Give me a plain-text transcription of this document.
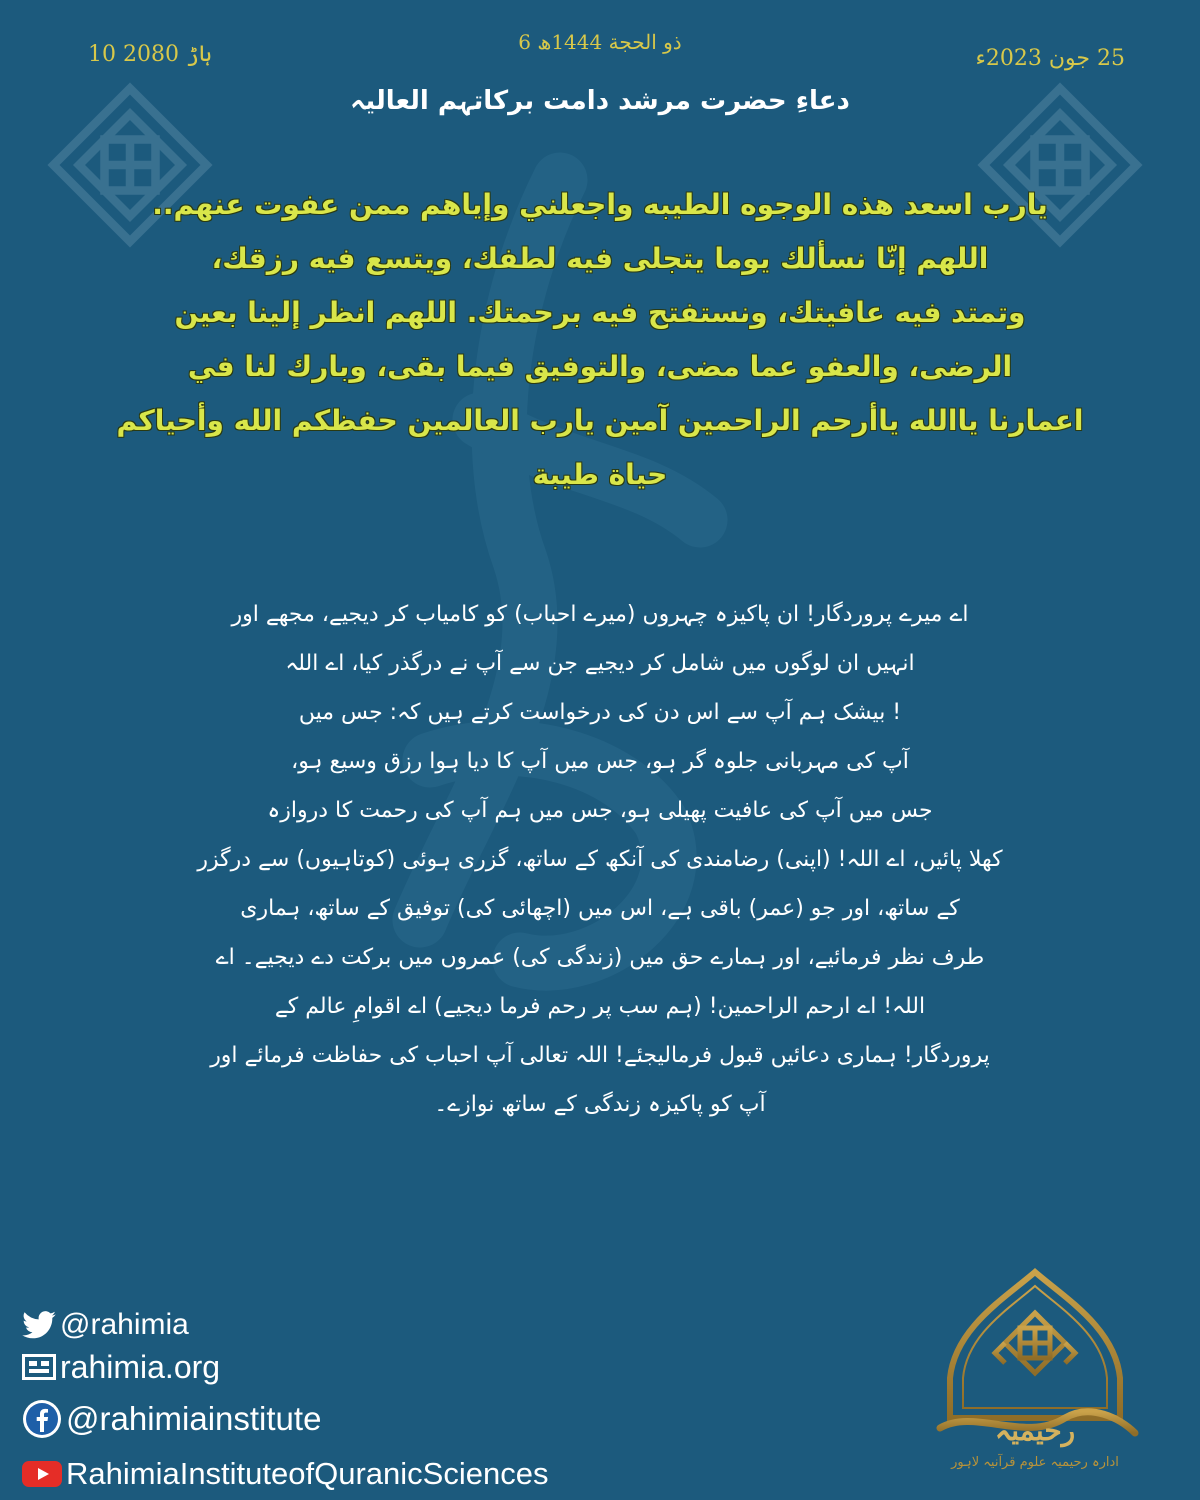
10 ہاڑ 2080	6 ذو الحجة 1444ھ
25 جون 2023ء
دعاءِ حضرت مرشد دامت برکاتہم العالیہ
يارب اسعد هذه الوجوه الطيبه واجعلني وإياهم ممن عفوت عنهم..
اللهم إنّا نسألك يوما يتجلى فيه لطفك، ويتسع فيه رزقك،
وتمتد فيه عافيتك، ونستفتح فيه برحمتك. اللهم انظر إلينا بعين
الرضى، والعفو عما مضى، والتوفيق فيما بقى، وبارك لنا في
اعمارنا ياالله ياأرحم الراحمين آمين يارب العالمين حفظكم الله وأحياكم
حياة طيبة
اے میرے پروردگار! ان پاکیزہ چہروں (میرے احباب) کو کامیاب کر دیجیے، مجھے اور
انہیں ان لوگوں میں شامل کر دیجیے جن سے آپ نے درگذر کیا، اے اللہ
! بیشک ہم آپ سے اس دن کی درخواست کرتے ہیں کہ: جس میں
آپ کی مہربانی جلوہ گر ہو، جس میں آپ کا دیا ہوا رزق وسیع ہو،
جس میں آپ کی عافیت پھیلی ہو، جس میں ہم آپ کی رحمت کا دروازہ
کھلا پائیں، اے اللہ! (اپنی) رضامندی کی آنکھ کے ساتھ، گزری ہوئی (کوتاہیوں) سے درگزر
کے ساتھ، اور جو (عمر) باقی ہے، اس میں (اچھائی کی) توفیق کے ساتھ، ہماری
طرف نظر فرمائیے، اور ہمارے حق میں (زندگی کی) عمروں میں برکت دے دیجیے۔ اے
اللہ! اے ارحم الراحمین! (ہم سب پر رحم فرما دیجیے) اے اقوامِ عالم کے
پروردگار! ہماری دعائیں قبول فرمالیجئے! اللہ تعالی آپ احباب کی حفاظت فرمائے اور
آپ کو پاکیزہ زندگی کے ساتھ نوازے۔
@rahimia
rahimia.org
@rahimiainstitute
RahimiaInstituteofQuranicSciences
رحیمیہ
ادارہ رحیمیہ علوم قرآنیہ لاہور
